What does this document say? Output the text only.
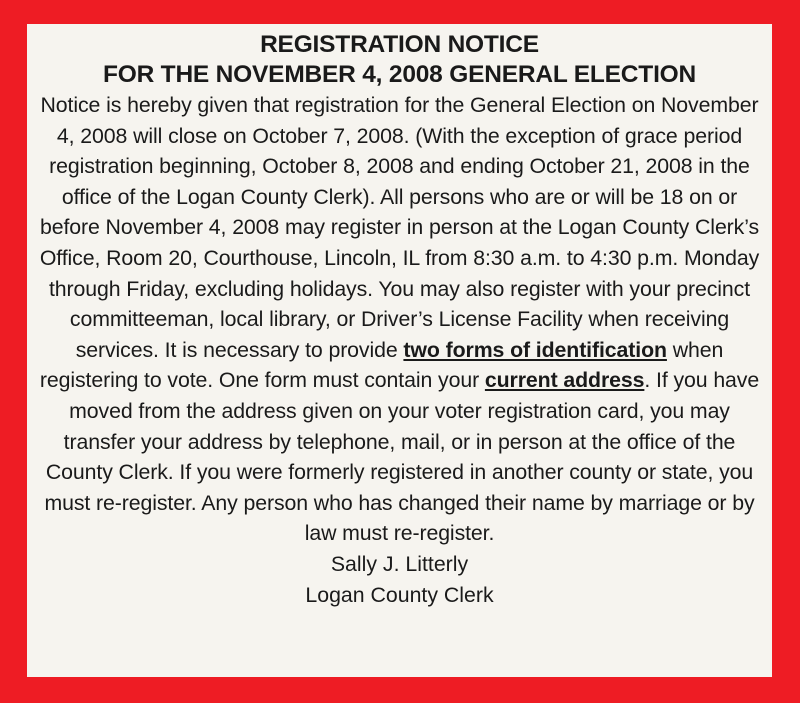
REGISTRATION NOTICE
FOR THE NOVEMBER 4, 2008 GENERAL ELECTION

Notice is hereby given that registration for the General Election on November 4, 2008 will close on October 7, 2008. (With the exception of grace period registration beginning, October 8, 2008 and ending October 21, 2008 in the office of the Logan County Clerk). All persons who are or will be 18 on or before November 4, 2008 may register in person at the Logan County Clerk’s Office, Room 20, Courthouse, Lincoln, IL from 8:30 a.m. to 4:30 p.m. Monday through Friday, excluding holidays. You may also register with your precinct committeeman, local library, or Driver’s License Facility when receiving services. It is necessary to provide two forms of identification when registering to vote. One form must contain your current address. If you have moved from the address given on your voter registration card, you may transfer your address by telephone, mail, or in person at the office of the County Clerk. If you were formerly registered in another county or state, you must re-register. Any person who has changed their name by marriage or by law must re-register.

Sally J. Litterly
Logan County Clerk
